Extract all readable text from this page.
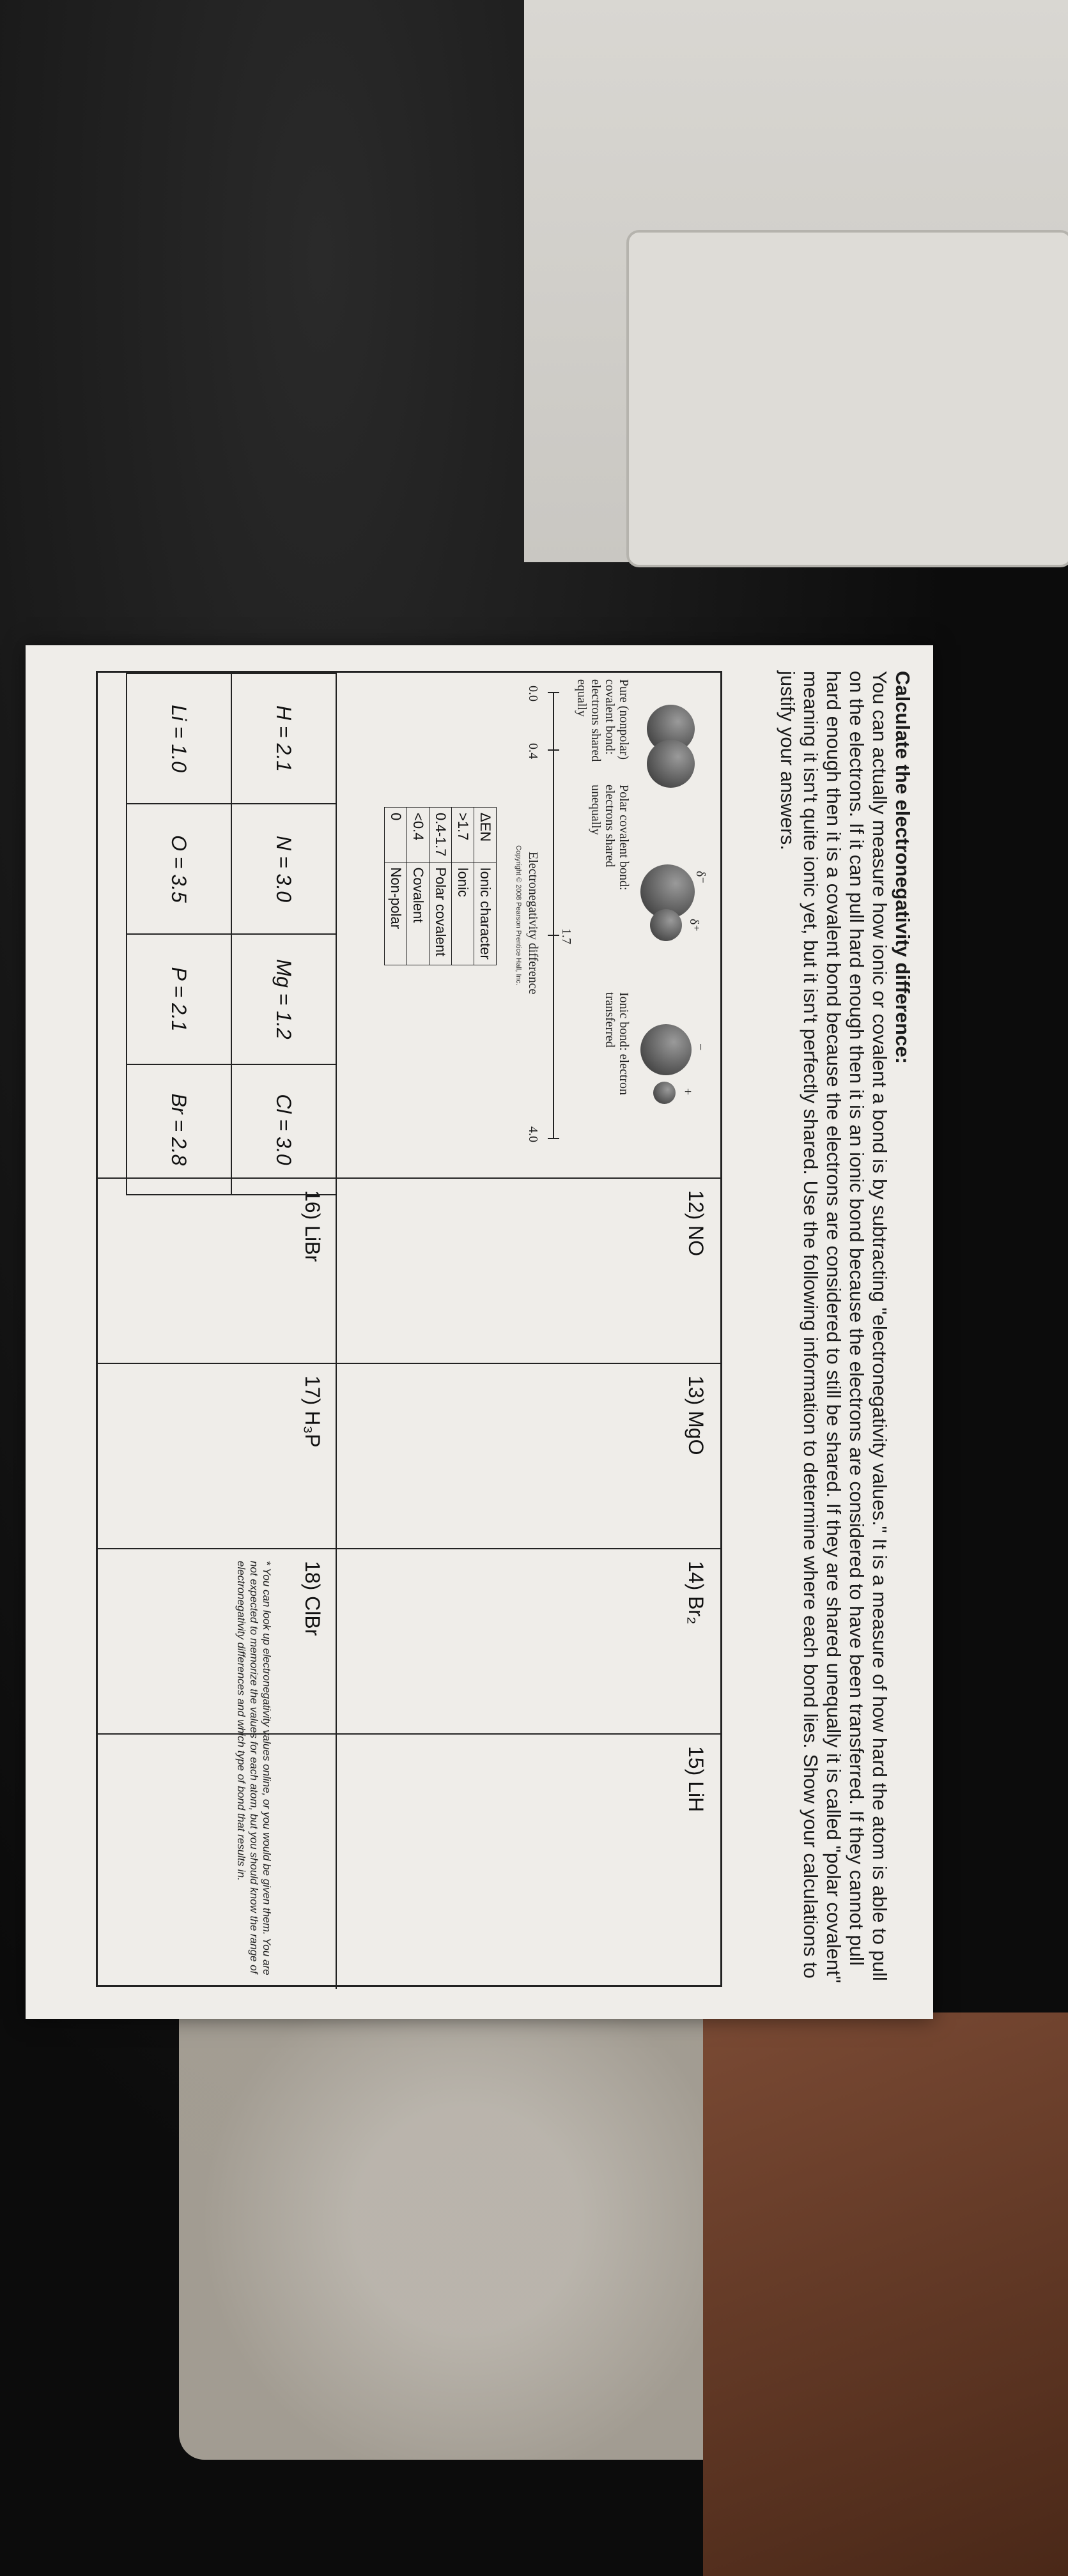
Calculate the electronegativity difference:
You can actually measure how ionic or covalent a bond is by subtracting "electronegativity values." It is a measure of how hard the atom is able to pull on the electrons. If it can pull hard enough then it is an ionic bond because the electrons are considered to have been transferred. If they cannot pull hard enough then it is a covalent bond because the electrons are considered to still be shared. If they are shared unequally it is called "polar covalent" meaning it isn't quite ionic yet, but it isn't perfectly shared. Use the following information to determine where each bond lies. Show your calculations to justify your answers.
δ⁻
δ⁺
−
+
Pure (nonpolar) covalent bond: electrons shared equally
Polar covalent bond: electrons shared unequally
Ionic bond: electron transferred
0.0
0.4
1.7
4.0
Electronegativity difference
Copyright © 2008 Pearson Prentice Hall, Inc.
ΔEN	Ionic character
>1.7	Ionic
0.4-1.7	Polar covalent
<0.4	Covalent
0	Non-polar
12) NO
13) MgO
14) Br₂
15) LiH
16) LiBr
17) H₃P
18) ClBr
H = 2.1	N = 3.0	Mg = 1.2	Cl = 3.0
Li = 1.0	O = 3.5	P = 2.1	Br = 2.8
* You can look up electronegativity values online, or you would be given them. You are not expected to memorize the values for each atom, but you should know the range of electronegativity differences and which type of bond that results in.
